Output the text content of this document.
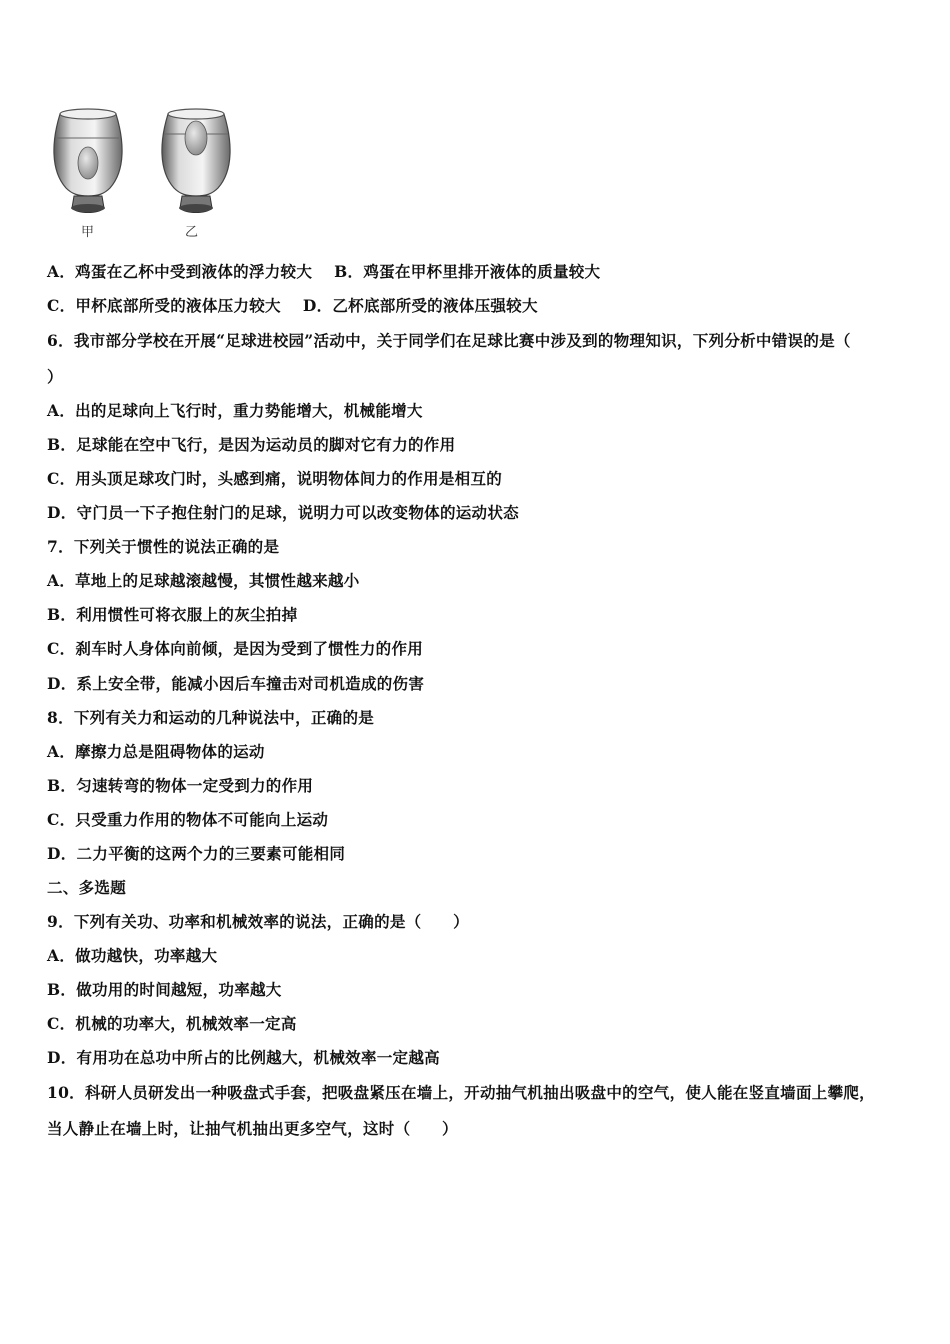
甲	乙
A．鸡蛋在乙杯中受到液体的浮力较大 B．鸡蛋在甲杯里排开液体的质量较大
C．甲杯底部所受的液体压力较大 D．乙杯底部所受的液体压强较大
6．我市部分学校在开展“足球进校园”活动中，关于同学们在足球比赛中涉及到的物理知识，下列分析中错误的是（
）
A．出的足球向上飞行时，重力势能增大，机械能增大
B．足球能在空中飞行，是因为运动员的脚对它有力的作用
C．用头顶足球攻门时，头感到痛，说明物体间力的作用是相互的
D．守门员一下子抱住射门的足球，说明力可以改变物体的运动状态
7．下列关于惯性的说法正确的是
A．草地上的足球越滚越慢，其惯性越来越小
B．利用惯性可将衣服上的灰尘拍掉
C．刹车时人身体向前倾，是因为受到了惯性力的作用
D．系上安全带，能减小因后车撞击对司机造成的伤害
8．下列有关力和运动的几种说法中，正确的是
A．摩擦力总是阻碍物体的运动
B．匀速转弯的物体一定受到力的作用
C．只受重力作用的物体不可能向上运动
D．二力平衡的这两个力的三要素可能相同
二、多选题
9．下列有关功、功率和机械效率的说法，正确的是（　　）
A．做功越快，功率越大
B．做功用的时间越短，功率越大
C．机械的功率大，机械效率一定高
D．有用功在总功中所占的比例越大，机械效率一定越高
10．科研人员研发出一种吸盘式手套，把吸盘紧压在墙上，开动抽气机抽出吸盘中的空气，使人能在竖直墙面上攀爬，
当人静止在墙上时，让抽气机抽出更多空气，这时（　　）
